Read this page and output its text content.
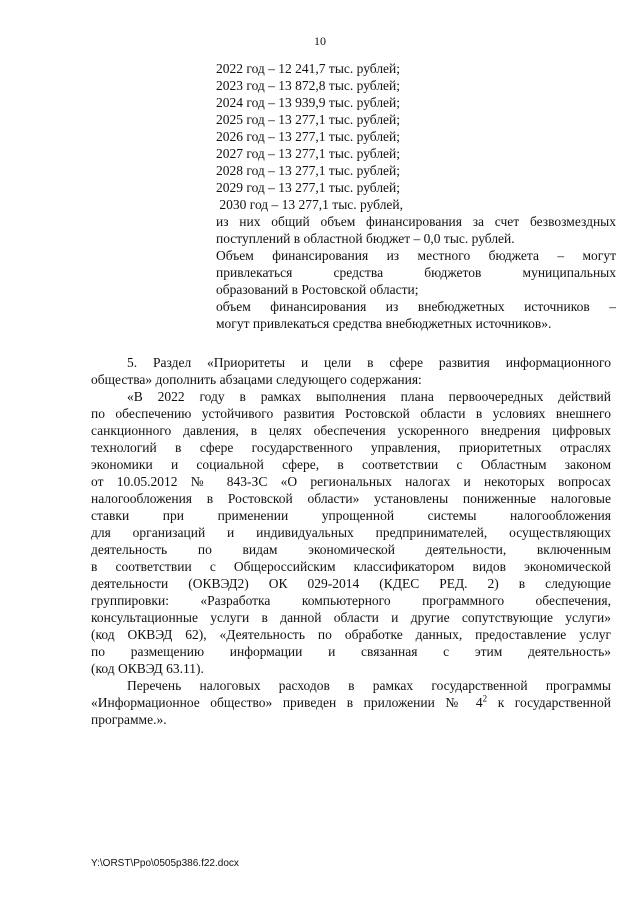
10
2022 год – 12 241,7 тыс. рублей;
2023 год – 13 872,8 тыс. рублей;
2024 год – 13 939,9 тыс. рублей;
2025 год – 13 277,1 тыс. рублей;
2026 год – 13 277,1 тыс. рублей;
2027 год – 13 277,1 тыс. рублей;
2028 год – 13 277,1 тыс. рублей;
2029 год – 13 277,1 тыс. рублей;
2030 год – 13 277,1 тыс. рублей,
из них общий объем финансирования за счет безвозмездных
поступлений в областной бюджет – 0,0 тыс. рублей.
Объем финансирования из местного бюджета – могут
привлекаться средства бюджетов муниципальных
образований в Ростовской области;
объем финансирования из внебюджетных источников –
могут привлекаться средства внебюджетных источников».
5. Раздел «Приоритеты и цели в сфере развития информационного
общества» дополнить абзацами следующего содержания:
«В 2022 году в рамках выполнения плана первоочередных действий
по обеспечению устойчивого развития Ростовской области в условиях внешнего
санкционного давления, в целях обеспечения ускоренного внедрения цифровых
технологий в сфере государственного управления, приоритетных отраслях
экономики и социальной сфере, в соответствии с Областным законом
от 10.05.2012 № 843-ЗС «О региональных налогах и некоторых вопросах
налогообложения в Ростовской области» установлены пониженные налоговые
ставки при применении упрощенной системы налогообложения
для организаций и индивидуальных предпринимателей, осуществляющих
деятельность по видам экономической деятельности, включенным
в соответствии с Общероссийским классификатором видов экономической
деятельности (ОКВЭД2) ОК 029-2014 (КДЕС РЕД. 2) в следующие
группировки: «Разработка компьютерного программного обеспечения,
консультационные услуги в данной области и другие сопутствующие услуги»
(код ОКВЭД 62), «Деятельность по обработке данных, предоставление услуг
по размещению информации и связанная с этим деятельность»
(код ОКВЭД 63.11).
Перечень налоговых расходов в рамках государственной программы
«Информационное общество» приведен в приложении № $4^2$ к государственной
программе.».
Y:\ORST\Ppo\0505p386.f22.docx
